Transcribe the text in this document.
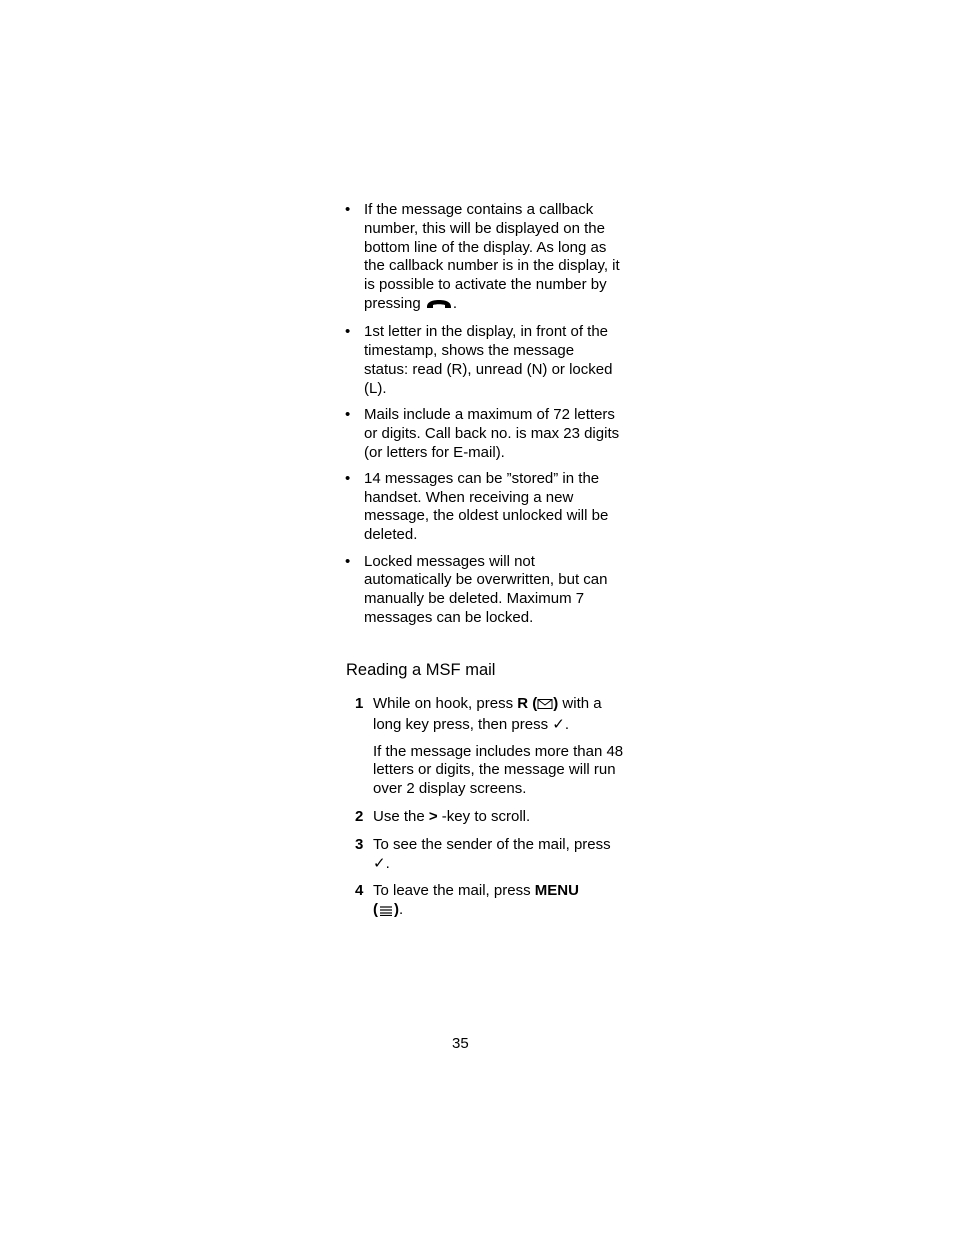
• If the message contains a callback number, this will be displayed on the bottom line of the display. As long as the callback number is in the display, it is possible to activate the number by pressing .
• 1st letter in the display, in front of the timestamp, shows the message status: read (R), unread (N) or locked (L).
• Mails include a maximum of 72 letters or digits. Call back no. is max 23 digits (or letters for E-mail).
• 14 messages can be ”stored” in the handset. When receiving a new message, the oldest unlocked will be deleted.
• Locked messages will not automatically be overwritten, but can manually be deleted. Maximum 7 messages can be locked.
Reading a MSF mail
1 While on hook, press R ( ) with a long key press, then press ✓.

If the message includes more than 48 letters or digits, the message will run over 2 display screens.

2 Use the > -key to scroll.

3 To see the sender of the mail, press ✓.

4 To leave the mail, press MENU
( ).

35
